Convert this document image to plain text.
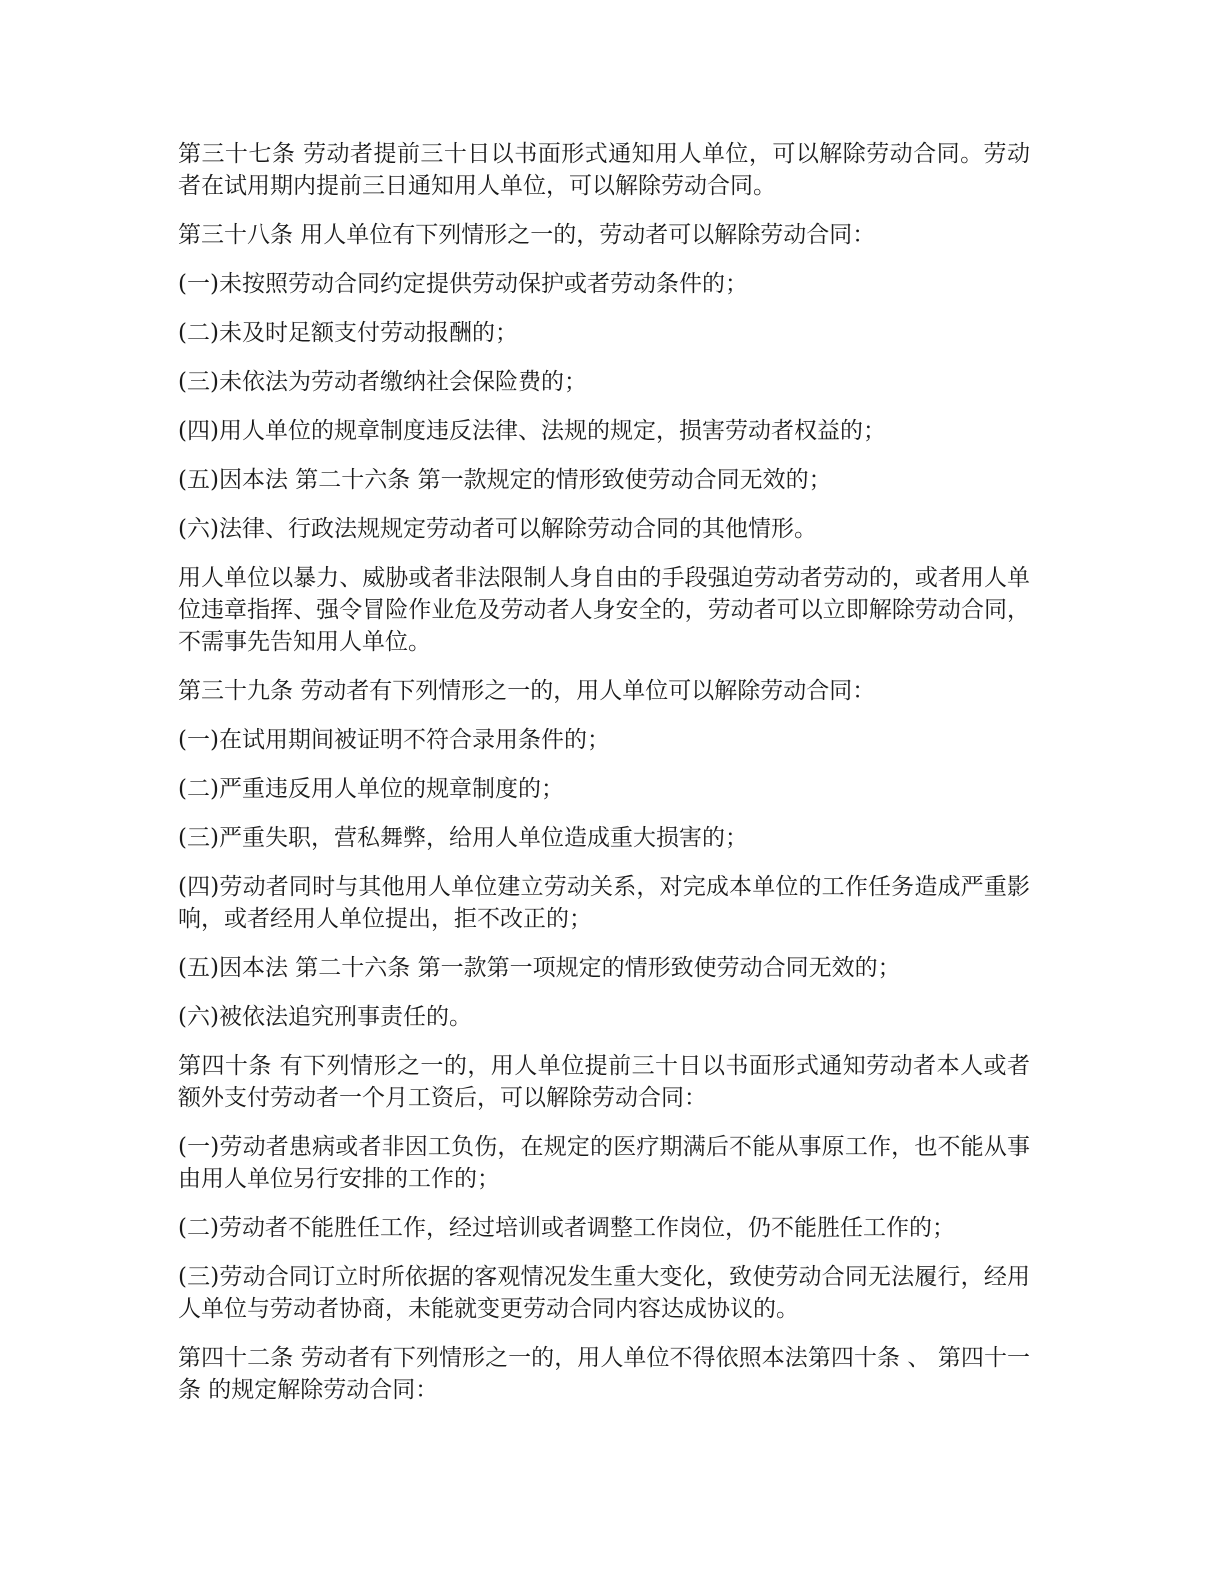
第三十七条 劳动者提前三十日以书面形式通知用人单位，可以解除劳动合同。劳动者在试用期内提前三日通知用人单位，可以解除劳动合同。

第三十八条 用人单位有下列情形之一的，劳动者可以解除劳动合同：

(一)未按照劳动合同约定提供劳动保护或者劳动条件的；

(二)未及时足额支付劳动报酬的；

(三)未依法为劳动者缴纳社会保险费的；

(四)用人单位的规章制度违反法律、法规的规定，损害劳动者权益的；

(五)因本法 第二十六条 第一款规定的情形致使劳动合同无效的；

(六)法律、行政法规规定劳动者可以解除劳动合同的其他情形。

用人单位以暴力、威胁或者非法限制人身自由的手段强迫劳动者劳动的，或者用人单位违章指挥、强令冒险作业危及劳动者人身安全的，劳动者可以立即解除劳动合同，不需事先告知用人单位。

第三十九条 劳动者有下列情形之一的，用人单位可以解除劳动合同：

(一)在试用期间被证明不符合录用条件的；

(二)严重违反用人单位的规章制度的；

(三)严重失职，营私舞弊，给用人单位造成重大损害的；

(四)劳动者同时与其他用人单位建立劳动关系，对完成本单位的工作任务造成严重影响，或者经用人单位提出，拒不改正的；

(五)因本法 第二十六条 第一款第一项规定的情形致使劳动合同无效的；

(六)被依法追究刑事责任的。

第四十条 有下列情形之一的，用人单位提前三十日以书面形式通知劳动者本人或者额外支付劳动者一个月工资后，可以解除劳动合同：

(一)劳动者患病或者非因工负伤，在规定的医疗期满后不能从事原工作，也不能从事由用人单位另行安排的工作的；

(二)劳动者不能胜任工作，经过培训或者调整工作岗位，仍不能胜任工作的；

(三)劳动合同订立时所依据的客观情况发生重大变化，致使劳动合同无法履行，经用人单位与劳动者协商，未能就变更劳动合同内容达成协议的。

第四十二条 劳动者有下列情形之一的，用人单位不得依照本法第四十条 、 第四十一条 的规定解除劳动合同：
